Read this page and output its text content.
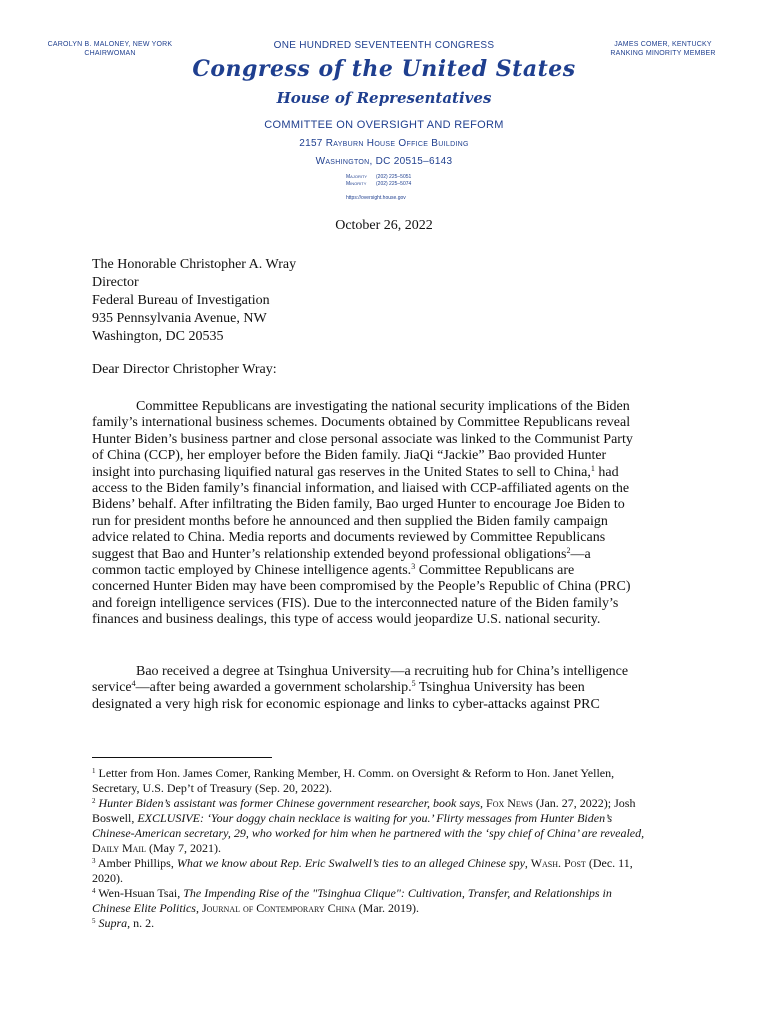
CAROLYN B. MALONEY, NEW YORK
CHAIRWOMAN
ONE HUNDRED SEVENTEENTH CONGRESS
Congress of the United States
House of Representatives
COMMITTEE ON OVERSIGHT AND REFORM
2157 Rayburn House Office Building
Washington, DC 20515–6143
Majority (202) 225–5051
Minority (202) 225–5074
https://oversight.house.gov
JAMES COMER, KENTUCKY
RANKING MINORITY MEMBER
October 26, 2022
The Honorable Christopher A. Wray
Director
Federal Bureau of Investigation
935 Pennsylvania Avenue, NW
Washington, DC 20535
Dear Director Christopher Wray:
Committee Republicans are investigating the national security implications of the Biden
family’s international business schemes. Documents obtained by Committee Republicans reveal
Hunter Biden’s business partner and close personal associate was linked to the Communist Party
of China (CCP), her employer before the Biden family. JiaQi “Jackie” Bao provided Hunter
insight into purchasing liquified natural gas reserves in the United States to sell to China,$^1$ had
access to the Biden family’s financial information, and liaised with CCP-affiliated agents on the
Bidens’ behalf. After infiltrating the Biden family, Bao urged Hunter to encourage Joe Biden to
run for president months before he announced and then supplied the Biden family campaign
advice related to China. Media reports and documents reviewed by Committee Republicans
suggest that Bao and Hunter’s relationship extended beyond professional obligations$^2$—a
common tactic employed by Chinese intelligence agents.$^3$ Committee Republicans are
concerned Hunter Biden may have been compromised by the People’s Republic of China (PRC)
and foreign intelligence services (FIS). Due to the interconnected nature of the Biden family’s
finances and business dealings, this type of access would jeopardize U.S. national security.
Bao received a degree at Tsinghua University—a recruiting hub for China’s intelligence
service$^4$—after being awarded a government scholarship.$^5$ Tsinghua University has been
designated a very high risk for economic espionage and links to cyber-attacks against PRC
$^1$ Letter from Hon. James Comer, Ranking Member, H. Comm. on Oversight & Reform to Hon. Janet Yellen,
Secretary, U.S. Dep’t of Treasury (Sep. 20, 2022).
$^2$ Hunter Biden’s assistant was former Chinese government researcher, book says, Fox News (Jan. 27, 2022); Josh
Boswell, EXCLUSIVE: ‘Your doggy chain necklace is waiting for you.’ Flirty messages from Hunter Biden’s
Chinese-American secretary, 29, who worked for him when he partnered with the ‘spy chief of China’ are revealed,
Daily Mail (May 7, 2021).
$^3$ Amber Phillips, What we know about Rep. Eric Swalwell’s ties to an alleged Chinese spy, Wash. Post (Dec. 11,
2020).
$^4$ Wen-Hsuan Tsai, The Impending Rise of the "Tsinghua Clique": Cultivation, Transfer, and Relationships in
Chinese Elite Politics, Journal of Contemporary China (Mar. 2019).
$^5$ Supra, n. 2.
